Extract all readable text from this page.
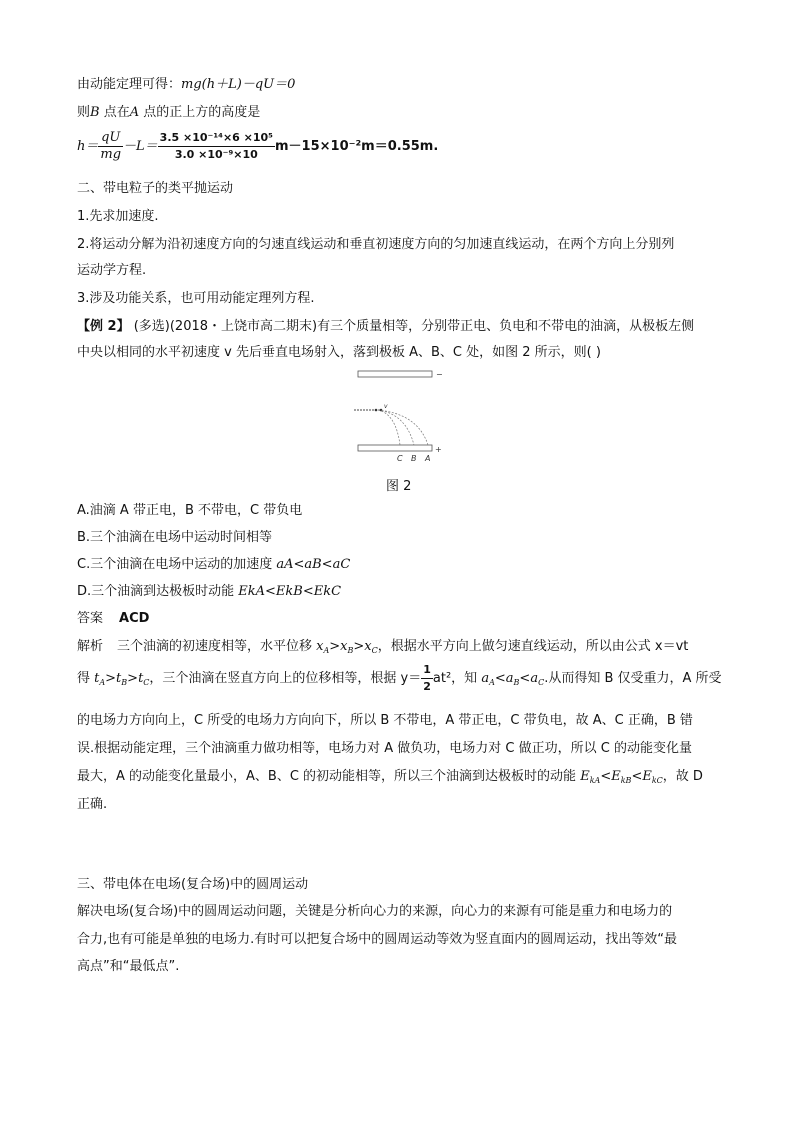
由动能定理可得：mg(h＋L)－qU＝0
则B 点在A 点的正上方的高度是
$h= \frac{qU}{mg} -L= \frac{\text{3.5 ×10⁻¹⁴×6 ×10⁵}}{\text{3.0 ×10⁻⁹×10}} m-15\times 10^{-2}m=0.55m$.
二、带电粒子的类平抛运动
1.先求加速度.
2.将运动分解为沿初速度方向的匀速直线运动和垂直初速度方向的匀加速直线运动，在两个方向上分别列
运动学方程.
3.涉及功能关系，也可用动能定理列方程.
【例 2】 (多选)(2018・上饶市高二期末)有三个质量相等，分别带正电、负电和不带电的油滴，从极板左侧
中央以相同的水平初速度 v 先后垂直电场射入，落到极板 A、B、C 处，如图 2 所示，则( )
−
+
v
C B A
图 2
A.油滴 A 带正电，B 不带电，C 带负电
B.三个油滴在电场中运动时间相等
C.三个油滴在电场中运动的加速度 aA<aB<aC
D.三个油滴到达极板时动能 EkA<EkB<EkC
答案 ACD
解析 三个油滴的初速度相等，水平位移 $x_A>x_B>x_C$，根据水平方向上做匀速直线运动，所以由公式 x＝vt
得 $t_A>t_B>t_C$，三个油滴在竖直方向上的位移相等，根据 $y= \frac{1}{2} at^2$，知 $a_A<a_B<a_C$.从而得知 B 仅受重力，A 所受
的电场力方向向上，C 所受的电场力方向向下，所以 B 不带电，A 带正电，C 带负电，故 A、C 正确，B 错
误.根据动能定理，三个油滴重力做功相等，电场力对 A 做负功，电场力对 C 做正功，所以 C 的动能变化量
最大，A 的动能变化量最小，A、B、C 的初动能相等，所以三个油滴到达极板时的动能 $E_{kA}<E_{kB}<E_{kC}$，故 D
正确.
三、带电体在电场(复合场)中的圆周运动
解决电场(复合场)中的圆周运动问题，关键是分析向心力的来源，向心力的来源有可能是重力和电场力的
合力,也有可能是单独的电场力.有时可以把复合场中的圆周运动等效为竖直面内的圆周运动，找出等效“最
高点”和“最低点”.
